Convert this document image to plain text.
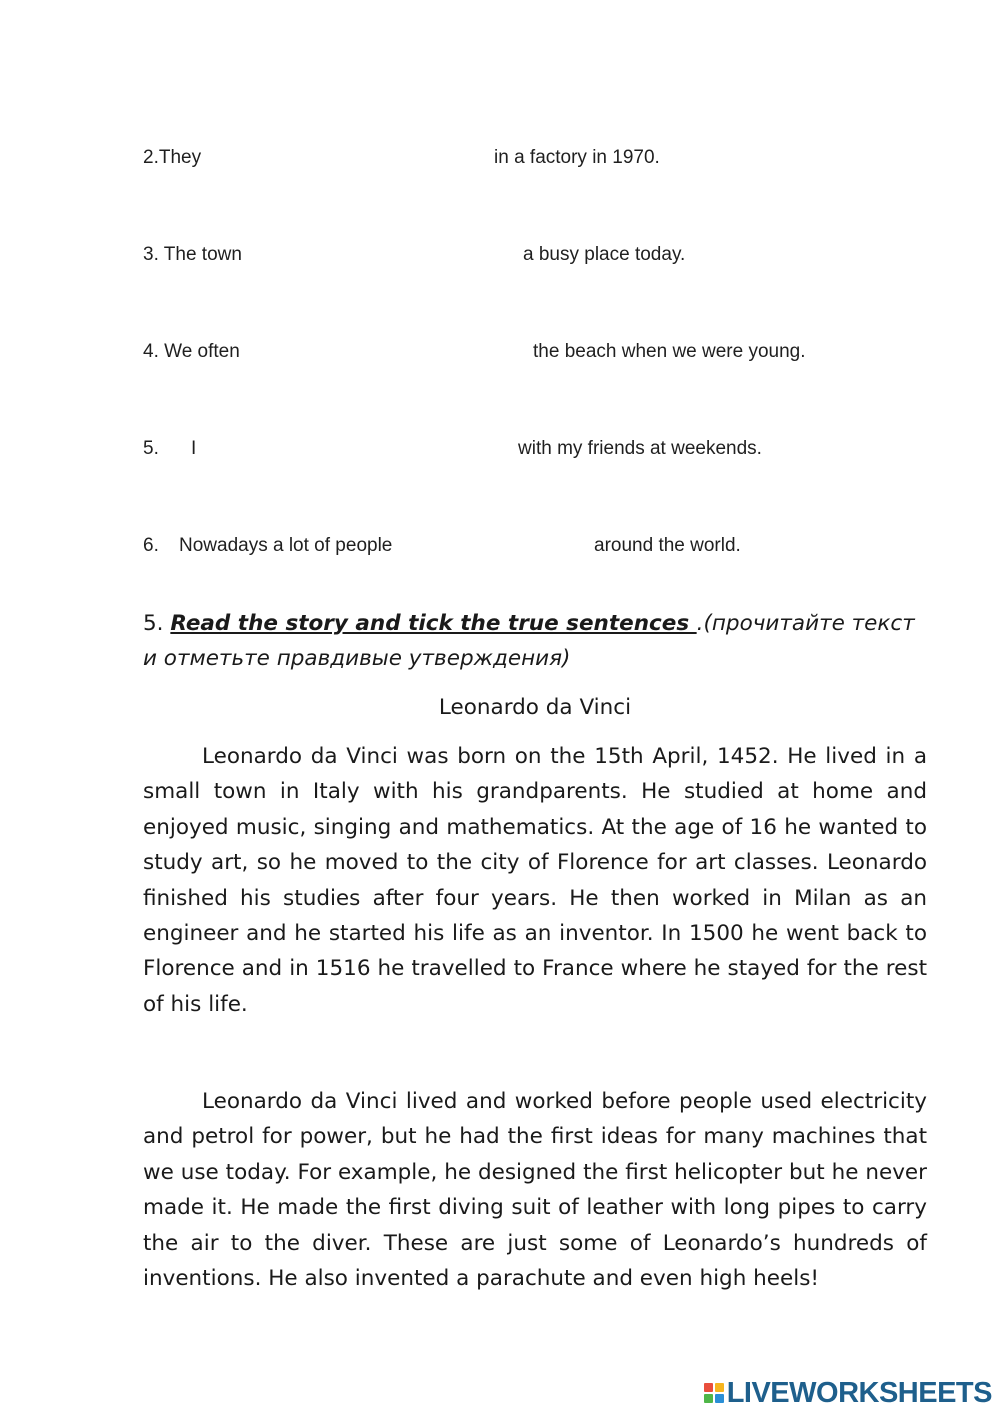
2.They	in a factory in 1970.
3. The town	a busy place today.
4. We often	the beach when we were young.
5. I	with my friends at weekends.
6. Nowadays a lot of people	around the world.
5. Read the story and tick the true sentences .(прочитайте текст и отметьте правдивые утверждения)
Leonardo da Vinci

Leonardo da Vinci was born on the 15th April, 1452. He lived in a small town in Italy with his grandparents. He studied at home and enjoyed music, singing and mathematics. At the age of 16 he wanted to study art, so he moved to the city of Florence for art classes. Leonardo finished his studies after four years. He then worked in Milan as an engineer and he started his life as an inventor. In 1500 he went back to Florence and in 1516 he travelled to France where he stayed for the rest of his life.

Leonardo da Vinci lived and worked before people used electricity and petrol for power, but he had the first ideas for many machines that we use today. For example, he designed the first helicopter but he never made it. He made the first diving suit of leather with long pipes to carry the air to the diver. These are just some of Leonardo’s hundreds of inventions. He also invented a parachute and even high heels!

LIVEWORKSHEETS
